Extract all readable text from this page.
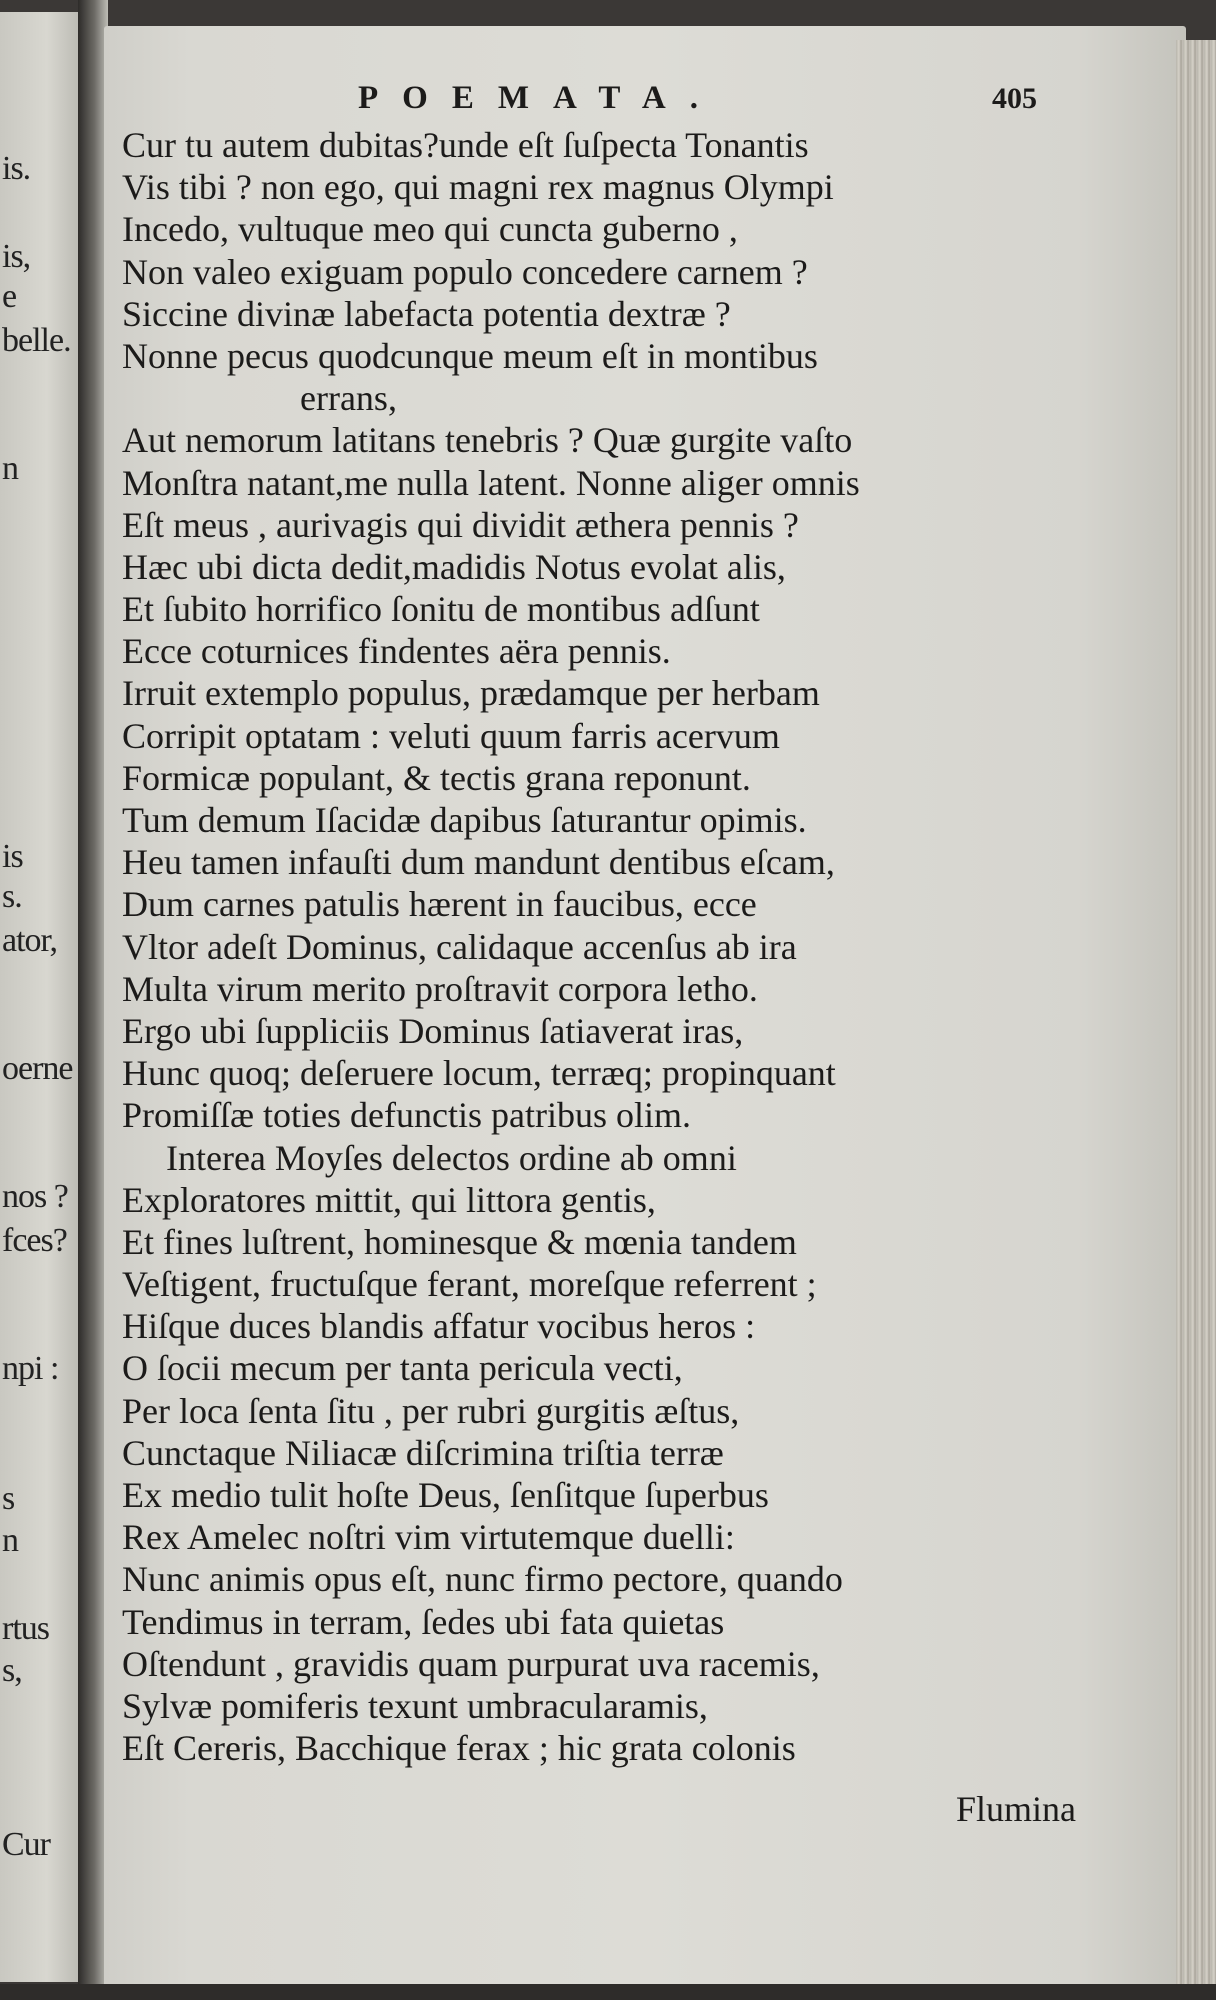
is.
is,
e
belle.
n
is
s.
ator,
oerne
nos ?
fces?
npi :
s
n
rtus
s,
Cur
POEMATA.	405
Cur tu autem dubitas?unde eſt ſuſpecta Tonantis
Vis tibi ? non ego, qui magni rex magnus Olympi
Incedo, vultuque meo qui cuncta guberno ,
Non valeo exiguam populo concedere carnem ?
Siccine divinæ labefacta potentia dextræ ?
Nonne pecus quodcunque meum eſt in montibus
errans,
Aut nemorum latitans tenebris ? Quæ gurgite vaſto
Monſtra natant,me nulla latent. Nonne aliger omnis
Eſt meus , aurivagis qui dividit æthera pennis ?
Hæc ubi dicta dedit,madidis Notus evolat alis,
Et ſubito horrifico ſonitu de montibus adſunt
Ecce coturnices findentes aëra pennis.
Irruit extemplo populus, prædamque per herbam
Corripit optatam : veluti quum farris acervum
Formicæ populant, & tectis grana reponunt.
Tum demum Iſacidæ dapibus ſaturantur opimis.
Heu tamen infauſti dum mandunt dentibus eſcam,
Dum carnes patulis hærent in faucibus, ecce
Vltor adeſt Dominus, calidaque accenſus ab ira
Multa virum merito proſtravit corpora letho.
Ergo ubi ſuppliciis Dominus ſatiaverat iras,
Hunc quoq; deſeruere locum, terræq; propinquant
Promiſſæ toties defunctis patribus olim.
Interea Moyſes delectos ordine ab omni
Exploratores mittit, qui littora gentis,
Et fines luſtrent, hominesque & mœnia tandem
Veſtigent, fructuſque ferant, moreſque referrent ;
Hiſque duces blandis affatur vocibus heros :
O ſocii mecum per tanta pericula vecti,
Per loca ſenta ſitu , per rubri gurgitis æſtus,
Cunctaque Niliacæ diſcrimina triſtia terræ
Ex medio tulit hoſte Deus, ſenſitque ſuperbus
Rex Amelec noſtri vim virtutemque duelli:
Nunc animis opus eſt, nunc firmo pectore, quando
Tendimus in terram, ſedes ubi fata quietas
Oſtendunt , gravidis quam purpurat uva racemis,
Sylvæ pomiferis texunt umbracularamis,
Eſt Cereris, Bacchique ferax ; hic grata colonis
Flumina
